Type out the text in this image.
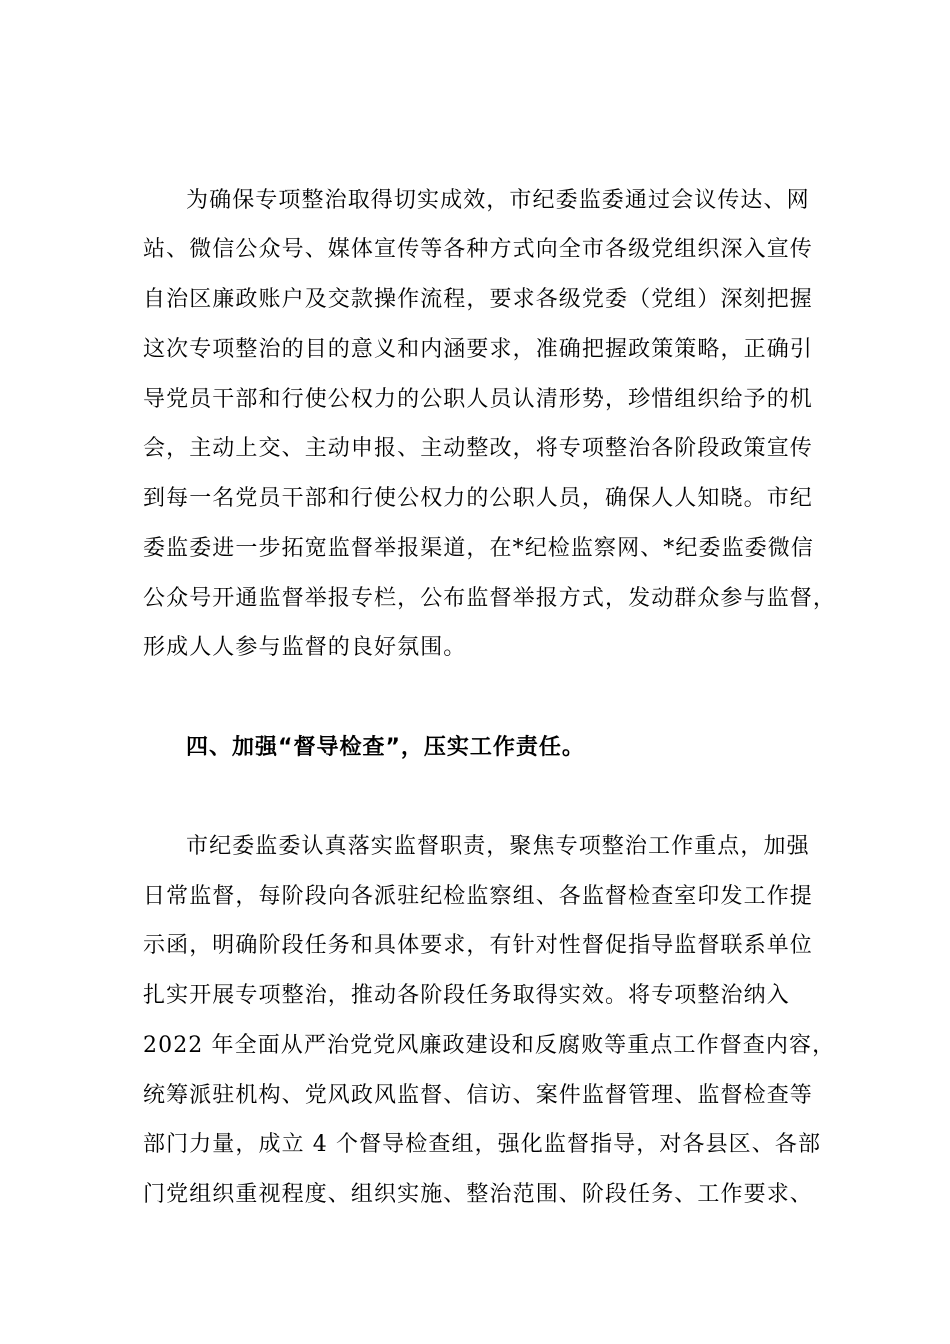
为确保专项整治取得切实成效，市纪委监委通过会议传达、网
站、微信公众号、媒体宣传等各种方式向全市各级党组织深入宣传
自治区廉政账户及交款操作流程，要求各级党委（党组）深刻把握
这次专项整治的目的意义和内涵要求，准确把握政策策略，正确引
导党员干部和行使公权力的公职人员认清形势，珍惜组织给予的机
会，主动上交、主动申报、主动整改，将专项整治各阶段政策宣传
到每一名党员干部和行使公权力的公职人员，确保人人知晓。市纪
委监委进一步拓宽监督举报渠道，在*纪检监察网、*纪委监委微信
公众号开通监督举报专栏，公布监督举报方式，发动群众参与监督，
形成人人参与监督的良好氛围。
四、加强“督导检查”，压实工作责任。
市纪委监委认真落实监督职责，聚焦专项整治工作重点，加强
日常监督，每阶段向各派驻纪检监察组、各监督检查室印发工作提
示函，明确阶段任务和具体要求，有针对性督促指导监督联系单位
扎实开展专项整治，推动各阶段任务取得实效。将专项整治纳入
2022 年全面从严治党党风廉政建设和反腐败等重点工作督查内容，
统筹派驻机构、党风政风监督、信访、案件监督管理、监督检查等
部门力量，成立 4 个督导检查组，强化监督指导，对各县区、各部
门党组织重视程度、组织实施、整治范围、阶段任务、工作要求、
